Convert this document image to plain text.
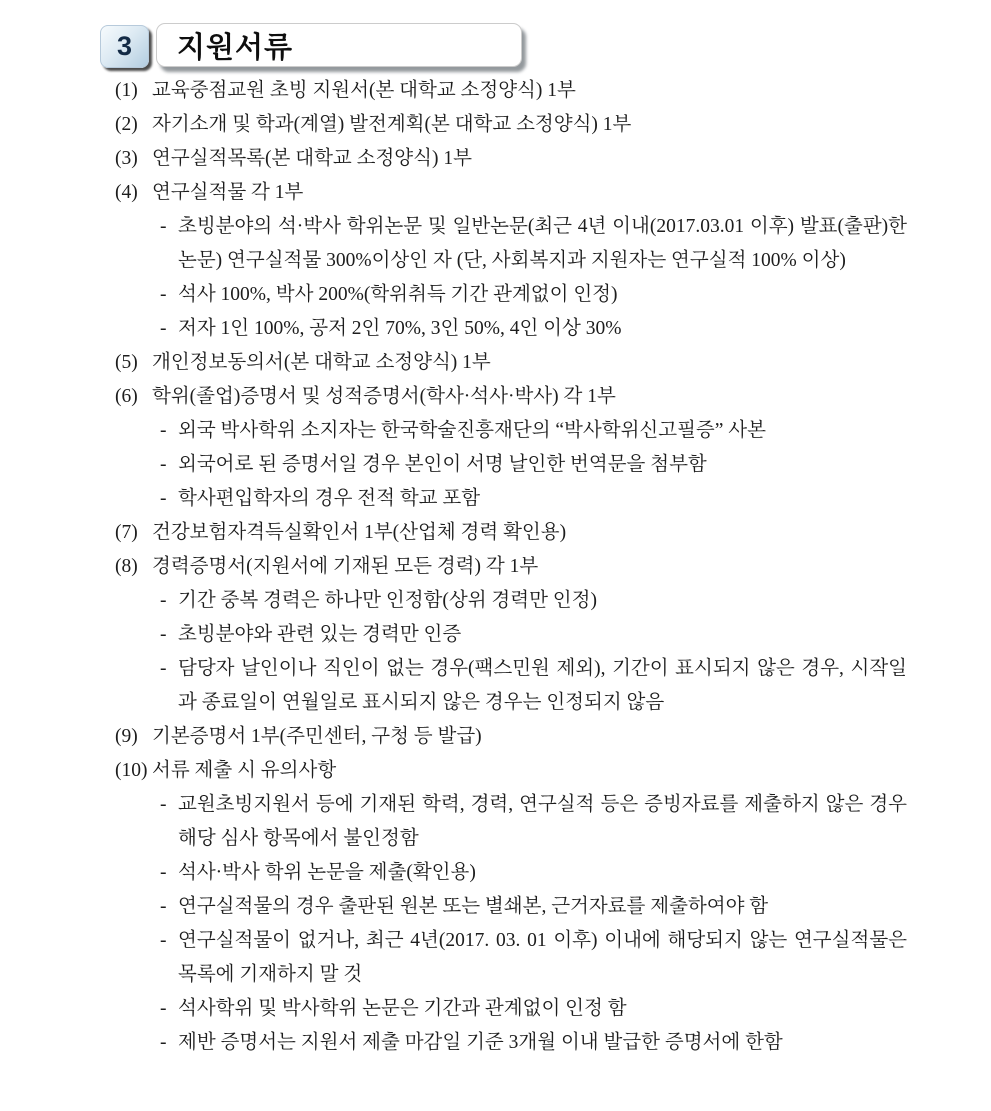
3 지원서류
(1) 교육중점교원 초빙 지원서(본 대학교 소정양식) 1부
(2) 자기소개 및 학과(계열) 발전계획(본 대학교 소정양식) 1부
(3) 연구실적목록(본 대학교 소정양식) 1부
(4) 연구실적물 각 1부
- 초빙분야의 석·박사 학위논문 및 일반논문(최근 4년 이내(2017.03.01 이후) 발표(출판)한 논문) 연구실적물 300%이상인 자 (단, 사회복지과 지원자는 연구실적 100% 이상)
- 석사 100%, 박사 200%(학위취득 기간 관계없이 인정)
- 저자 1인 100%, 공저 2인 70%, 3인 50%, 4인 이상 30%
(5) 개인정보동의서(본 대학교 소정양식) 1부
(6) 학위(졸업)증명서 및 성적증명서(학사·석사·박사) 각 1부
- 외국 박사학위 소지자는 한국학술진흥재단의 “박사학위신고필증” 사본
- 외국어로 된 증명서일 경우 본인이 서명 날인한 번역문을 첨부함
- 학사편입학자의 경우 전적 학교 포함
(7) 건강보험자격득실확인서 1부(산업체 경력 확인용)
(8) 경력증명서(지원서에 기재된 모든 경력) 각 1부
- 기간 중복 경력은 하나만 인정함(상위 경력만 인정)
- 초빙분야와 관련 있는 경력만 인증
- 담당자 날인이나 직인이 없는 경우(팩스민원 제외), 기간이 표시되지 않은 경우, 시작일과 종료일이 연월일로 표시되지 않은 경우는 인정되지 않음
(9) 기본증명서 1부(주민센터, 구청 등 발급)
(10) 서류 제출 시 유의사항
- 교원초빙지원서 등에 기재된 학력, 경력, 연구실적 등은 증빙자료를 제출하지 않은 경우 해당 심사 항목에서 불인정함
- 석사·박사 학위 논문을 제출(확인용)
- 연구실적물의 경우 출판된 원본 또는 별쇄본, 근거자료를 제출하여야 함
- 연구실적물이 없거나, 최근 4년(2017. 03. 01 이후) 이내에 해당되지 않는 연구실적물은 목록에 기재하지 말 것
- 석사학위 및 박사학위 논문은 기간과 관계없이 인정 함
- 제반 증명서는 지원서 제출 마감일 기준 3개월 이내 발급한 증명서에 한함
